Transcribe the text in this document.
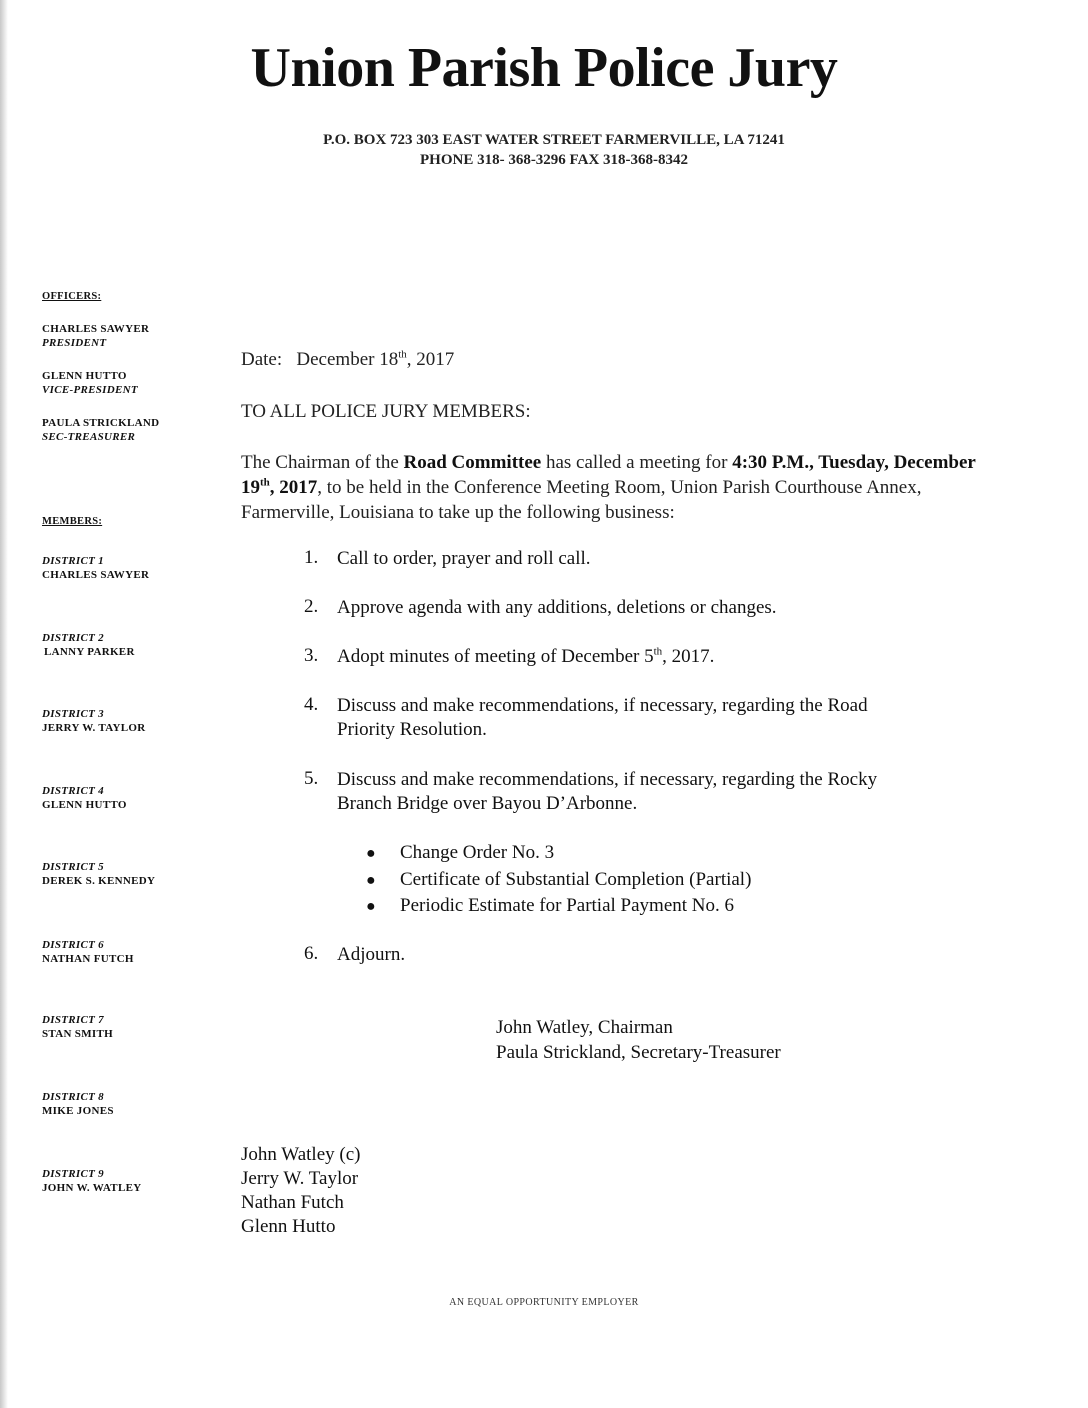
Union Parish Police Jury
P.O. BOX 723 303 EAST WATER STREET FARMERVILLE, LA 71241
PHONE 318- 368-3296 FAX 318-368-8342
OFFICERS:
CHARLES SAWYER
PRESIDENT
GLENN HUTTO
VICE-PRESIDENT
PAULA STRICKLAND
SEC-TREASURER
MEMBERS:
DISTRICT 1
CHARLES SAWYER
DISTRICT 2
LANNY PARKER
DISTRICT 3
JERRY W. TAYLOR
DISTRICT 4
GLENN HUTTO
DISTRICT 5
DEREK S. KENNEDY
DISTRICT 6
NATHAN FUTCH
DISTRICT 7
STAN SMITH
DISTRICT 8
MIKE JONES
DISTRICT 9
JOHN W. WATLEY
Date: December 18th, 2017
TO ALL POLICE JURY MEMBERS:
The Chairman of the Road Committee has called a meeting for 4:30 P.M., Tuesday, December 19th, 2017, to be held in the Conference Meeting Room, Union Parish Courthouse Annex, Farmerville, Louisiana to take up the following business:
1. Call to order, prayer and roll call.
2. Approve agenda with any additions, deletions or changes.
3. Adopt minutes of meeting of December 5th, 2017.
4. Discuss and make recommendations, if necessary, regarding the Road
Priority Resolution.
5. Discuss and make recommendations, if necessary, regarding the Rocky
Branch Bridge over Bayou D’Arbonne.
● Change Order No. 3
● Certificate of Substantial Completion (Partial)
● Periodic Estimate for Partial Payment No. 6
6. Adjourn.
John Watley, Chairman
Paula Strickland, Secretary-Treasurer
John Watley (c)
Jerry W. Taylor
Nathan Futch
Glenn Hutto
AN EQUAL OPPORTUNITY EMPLOYER
